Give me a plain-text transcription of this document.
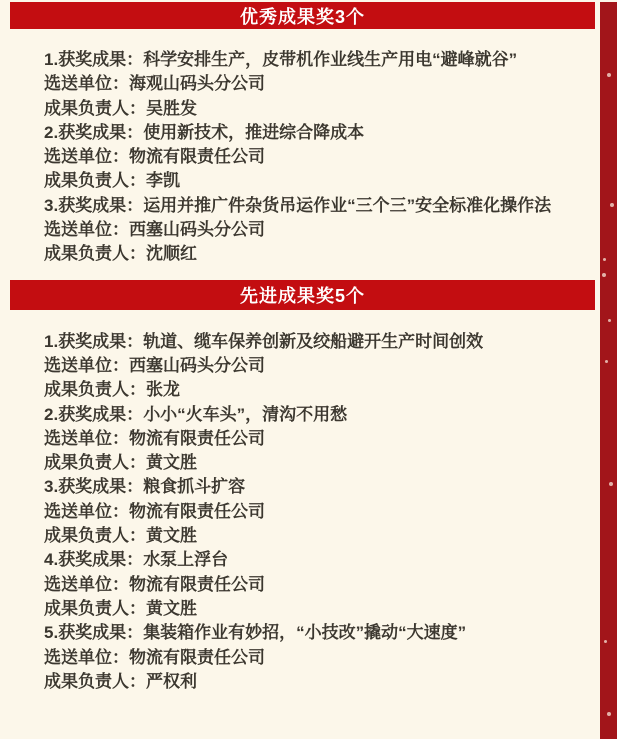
优秀成果奖3个
1.获奖成果：科学安排生产，皮带机作业线生产用电“避峰就谷”
选送单位：海观山码头分公司
成果负责人：吴胜发
2.获奖成果：使用新技术，推进综合降成本
选送单位：物流有限责任公司
成果负责人：李凯
3.获奖成果：运用并推广件杂货吊运作业“三个三”安全标准化操作法
选送单位：西塞山码头分公司
成果负责人：沈顺红
先进成果奖5个
1.获奖成果：轨道、缆车保养创新及绞船避开生产时间创效
选送单位：西塞山码头分公司
成果负责人：张龙
2.获奖成果：小小“火车头”，清沟不用愁
选送单位：物流有限责任公司
成果负责人：黄文胜
3.获奖成果：粮食抓斗扩容
选送单位：物流有限责任公司
成果负责人：黄文胜
4.获奖成果：水泵上浮台
选送单位：物流有限责任公司
成果负责人：黄文胜
5.获奖成果：集装箱作业有妙招，“小技改”撬动“大速度”
选送单位：物流有限责任公司
成果负责人：严权利
